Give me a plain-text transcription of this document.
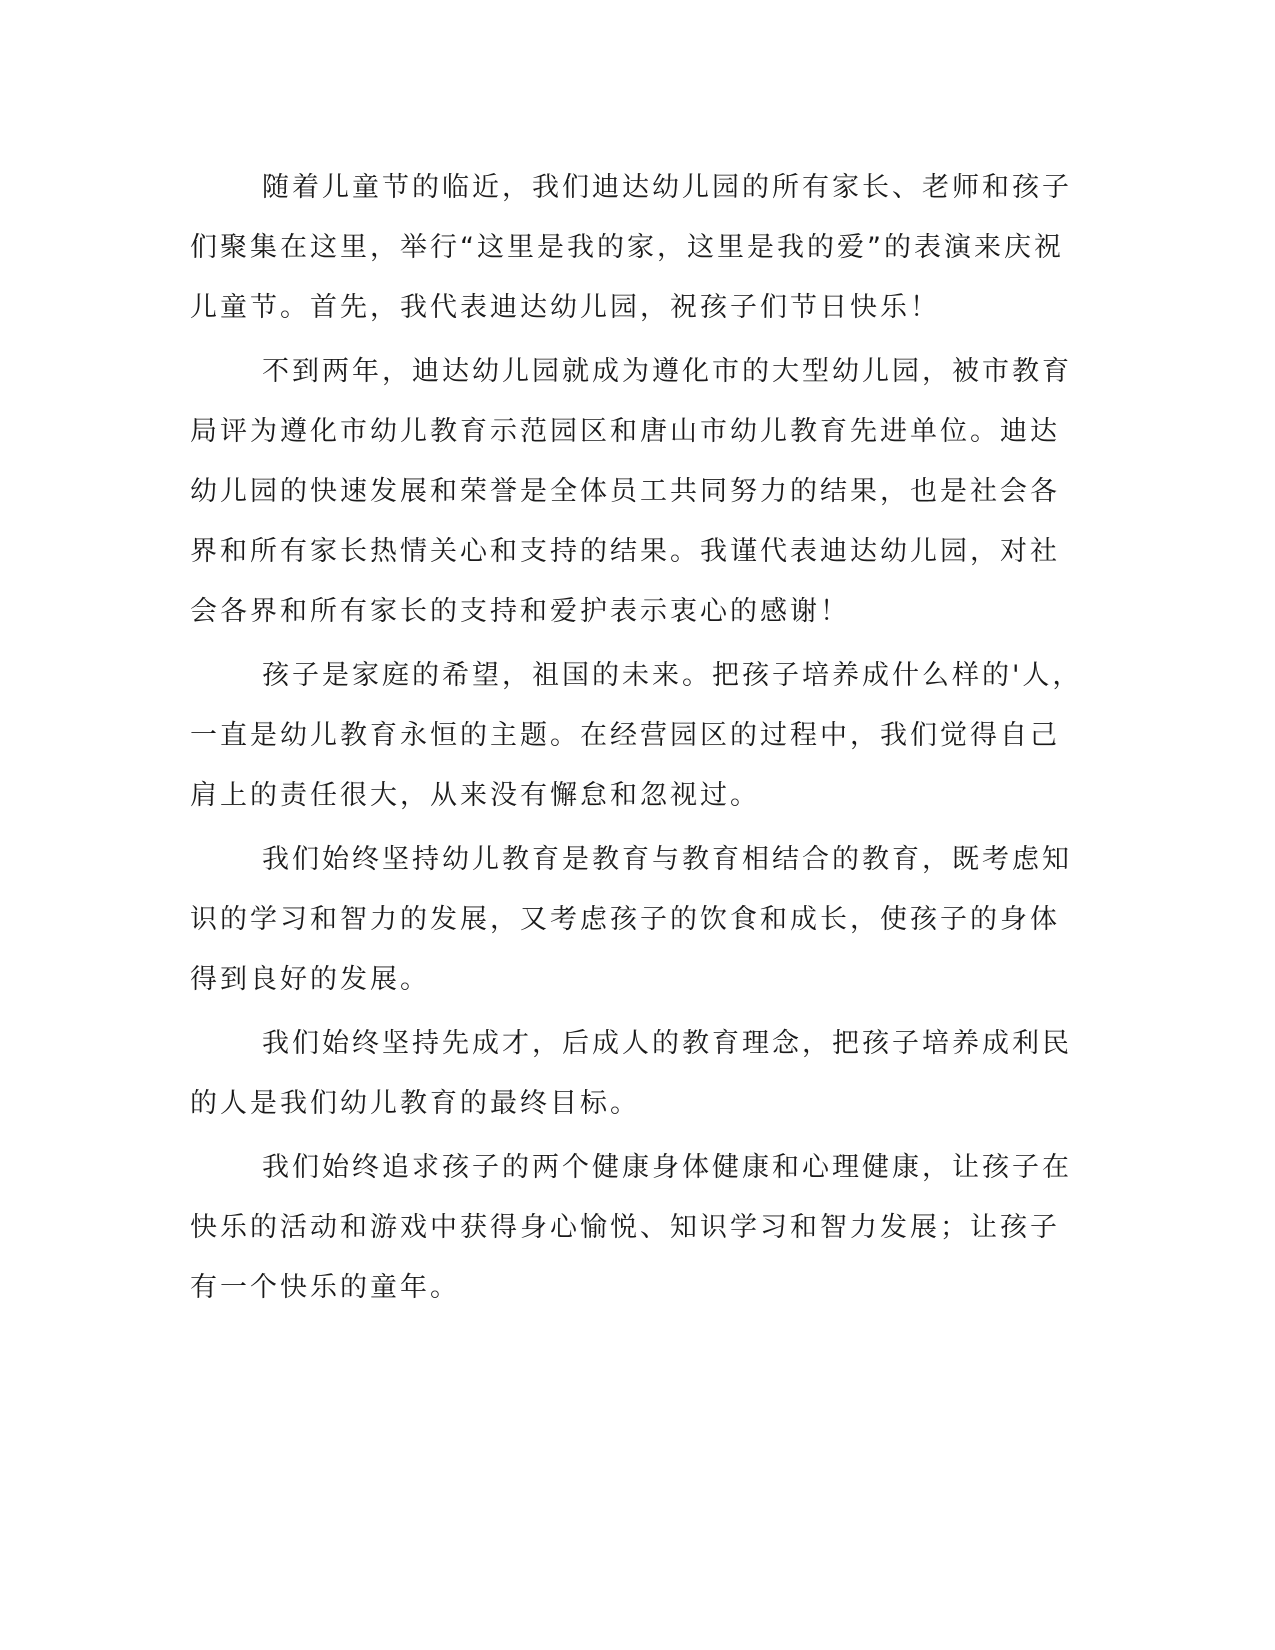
随着儿童节的临近，我们迪达幼儿园的所有家长、老师和孩子们聚集在这里，举行“这里是我的家，这里是我的爱”的表演来庆祝儿童节。首先，我代表迪达幼儿园，祝孩子们节日快乐！

不到两年，迪达幼儿园就成为遵化市的大型幼儿园，被市教育局评为遵化市幼儿教育示范园区和唐山市幼儿教育先进单位。迪达幼儿园的快速发展和荣誉是全体员工共同努力的结果，也是社会各界和所有家长热情关心和支持的结果。我谨代表迪达幼儿园，对社会各界和所有家长的支持和爱护表示衷心的感谢！

孩子是家庭的希望，祖国的未来。把孩子培养成什么样的'人，一直是幼儿教育永恒的主题。在经营园区的过程中，我们觉得自己肩上的责任很大，从来没有懈怠和忽视过。

我们始终坚持幼儿教育是教育与教育相结合的教育，既考虑知识的学习和智力的发展，又考虑孩子的饮食和成长，使孩子的身体得到良好的发展。

我们始终坚持先成才，后成人的教育理念，把孩子培养成利民的人是我们幼儿教育的最终目标。

我们始终追求孩子的两个健康身体健康和心理健康，让孩子在快乐的活动和游戏中获得身心愉悦、知识学习和智力发展；让孩子有一个快乐的童年。
